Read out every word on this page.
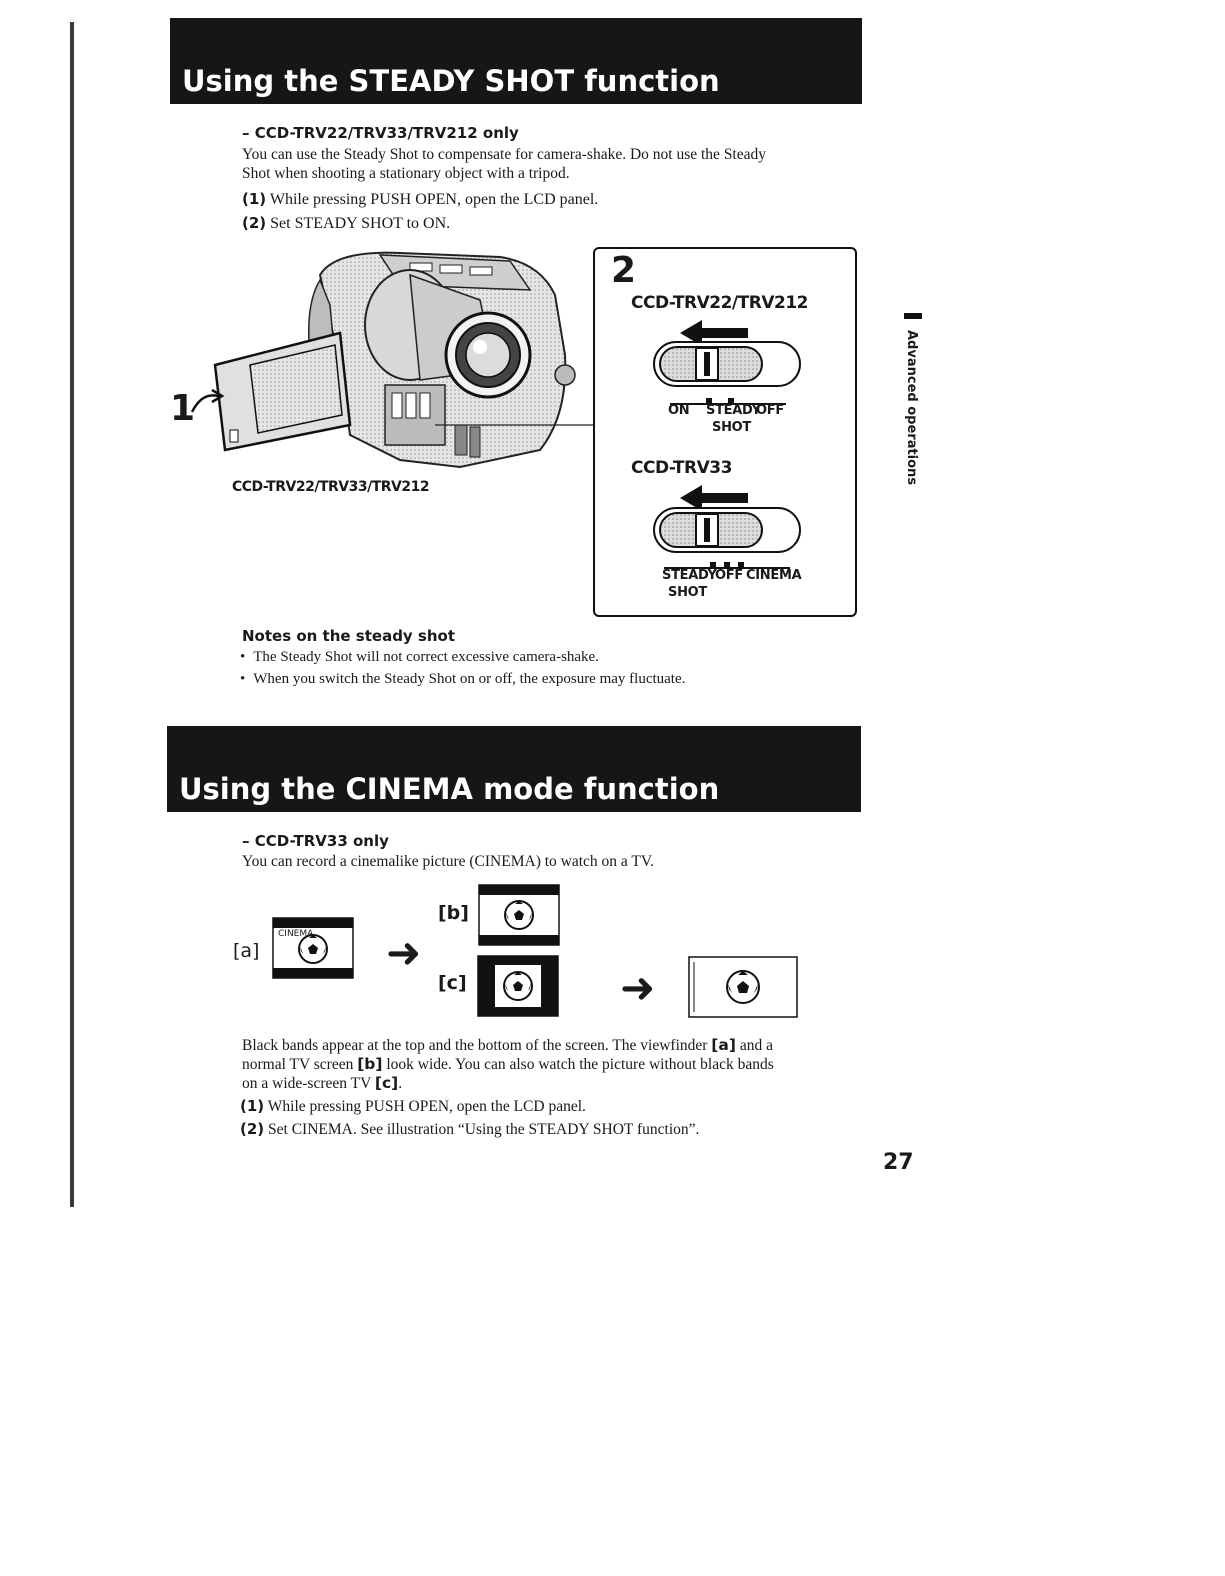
Using the STEADY SHOT function
– CCD-TRV22/TRV33/TRV212 only
You can use the Steady Shot to compensate for camera-shake. Do not use the Steady
Shot when shooting a stationary object with a tripod.
(1) While pressing PUSH OPEN, open the LCD panel.
(2) Set STEADY SHOT to ON.
1
CCD-TRV22/TRV33/TRV212
2
CCD-TRV22/TRV212
ON STEADY
OFF
SHOT
CCD-TRV33
STEADY
OFF CINEMA
SHOT
Notes on the steady shot
• The Steady Shot will not correct excessive camera-shake.
• When you switch the Steady Shot on or off, the exposure may fluctuate.
Using the CINEMA mode function
– CCD-TRV33 only
You can record a cinemalike picture (CINEMA) to watch on a TV.
[a]
CINEMA ➜
[b]
[c]	➜
Black bands appear at the top and the bottom of the screen. The viewfinder [a] and a
normal TV screen [b] look wide. You can also watch the picture without black bands
on a wide-screen TV [c].
(1) While pressing PUSH OPEN, open the LCD panel.
(2) Set CINEMA. See illustration “Using the STEADY SHOT function”.
Advanced operations
27
